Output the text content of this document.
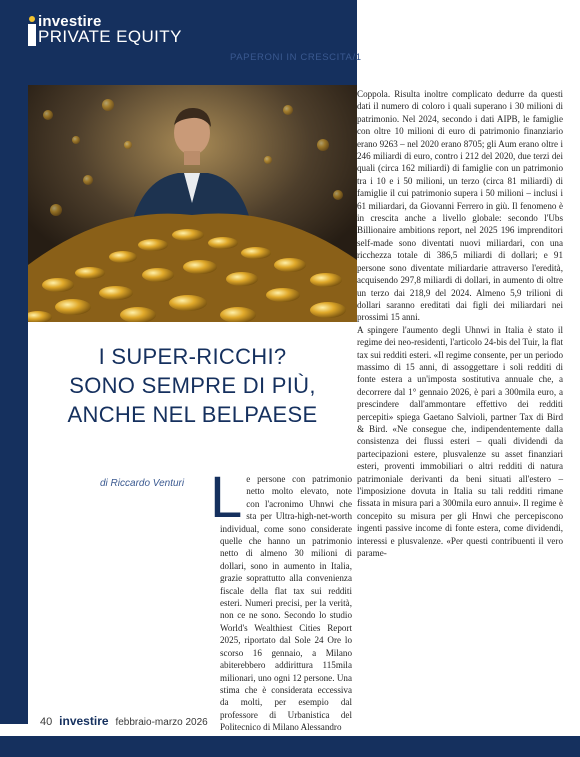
investire
PRIVATE EQUITY
PAPERONI IN CRESCITA/1
I SUPER-RICCHI?
SONO SEMPRE DI PIÙ,
ANCHE NEL BELPAESE
di Riccardo Venturi
GLI ULTRA-HIGH-NET-WORTH
INDIVIDUAL, CON UN PATRIMONIO
NETTO DI ALMENO 30 MILIONI
DI DOLLARI, SONO IN AUMENTO
E IN PARTICOLARE IN ITALIA
GRAZIE SOPRATTUTTO ALLA
CONVENIENZA FISCALE DELLA
FLAT TAX SUI REDDITI ESTERI
L e persone con patrimonio netto molto elevato, note con l'acronimo Uhnwi che sta per Ultra-high-net-worth individual, come sono considerate quelle che hanno un patrimonio netto di almeno 30 milioni di dollari, sono in aumento in Italia, grazie soprattutto alla convenienza fiscale della flat tax sui redditi esteri. Numeri precisi, per la verità, non ce ne sono. Secondo lo studio World's Wealthiest Cities Report 2025, riportato dal Sole 24 Ore lo scorso 16 gennaio, a Milano abiterebbero addirittura 115mila milionari, uno ogni 12 persone. Una stima che è considerata eccessiva da molti, per esempio dal professore di Urbanistica del Politecnico di Milano Alessandro

Coppola. Risulta inoltre complicato dedurre da questi dati il numero di coloro i quali superano i 30 milioni di patrimonio. Nel 2024, secondo i dati AIPB, le famiglie con oltre 10 milioni di euro di patrimonio finanziario erano 9263 – nel 2020 erano 8705; gli Aum erano oltre i 246 miliardi di euro, contro i 212 del 2020, due terzi dei quali (circa 162 miliardi) di famiglie con un patrimonio tra i 10 e i 50 milioni, un terzo (circa 81 miliardi) di famiglie il cui patrimonio supera i 50 milioni – inclusi i 61 miliardari, da Giovanni Ferrero in giù. Il fenomeno è in crescita anche a livello globale: secondo l'Ubs Billionaire ambitions report, nel 2025 196 imprenditori self-made sono diventati nuovi miliardari, con una ricchezza totale di 386,5 miliardi di dollari; e 91 persone sono diventate miliardarie attraverso l'eredità, acquisendo 297,8 miliardi di dollari, in aumento di oltre un terzo dai 218,9 del 2024. Almeno 5,9 trilioni di dollari saranno ereditati dai figli dei miliardari nei prossimi 15 anni.

A spingere l'aumento degli Uhnwi in Italia è stato il regime dei neo-residenti, l'articolo 24-bis del Tuir, la flat tax sui redditi esteri. «Il regime consente, per un periodo massimo di 15 anni, di assoggettare i soli redditi di fonte estera a un'imposta sostitutiva annuale che, a decorrere dal 1° gennaio 2026, è pari a 300mila euro, a prescindere dall'ammontare effettivo dei redditi percepiti» spiega Gaetano Salvioli, partner Tax di Bird & Bird. «Ne consegue che, indipendentemente dalla consistenza dei flussi esteri – quali dividendi da partecipazioni estere, plusvalenze su asset finanziari esteri, proventi immobiliari o altri redditi di natura patrimoniale derivanti da beni situati all'estero – l'imposizione dovuta in Italia su tali redditi rimane fissata in misura pari a 300mila euro annui». Il regime è concepito su misura per gli Hnwi che percepiscono ingenti passive income di fonte estera, come dividendi, interessi e plusvalenze. «Per questi contribuenti il vero parame-

40 investire febbraio-marzo 2026
